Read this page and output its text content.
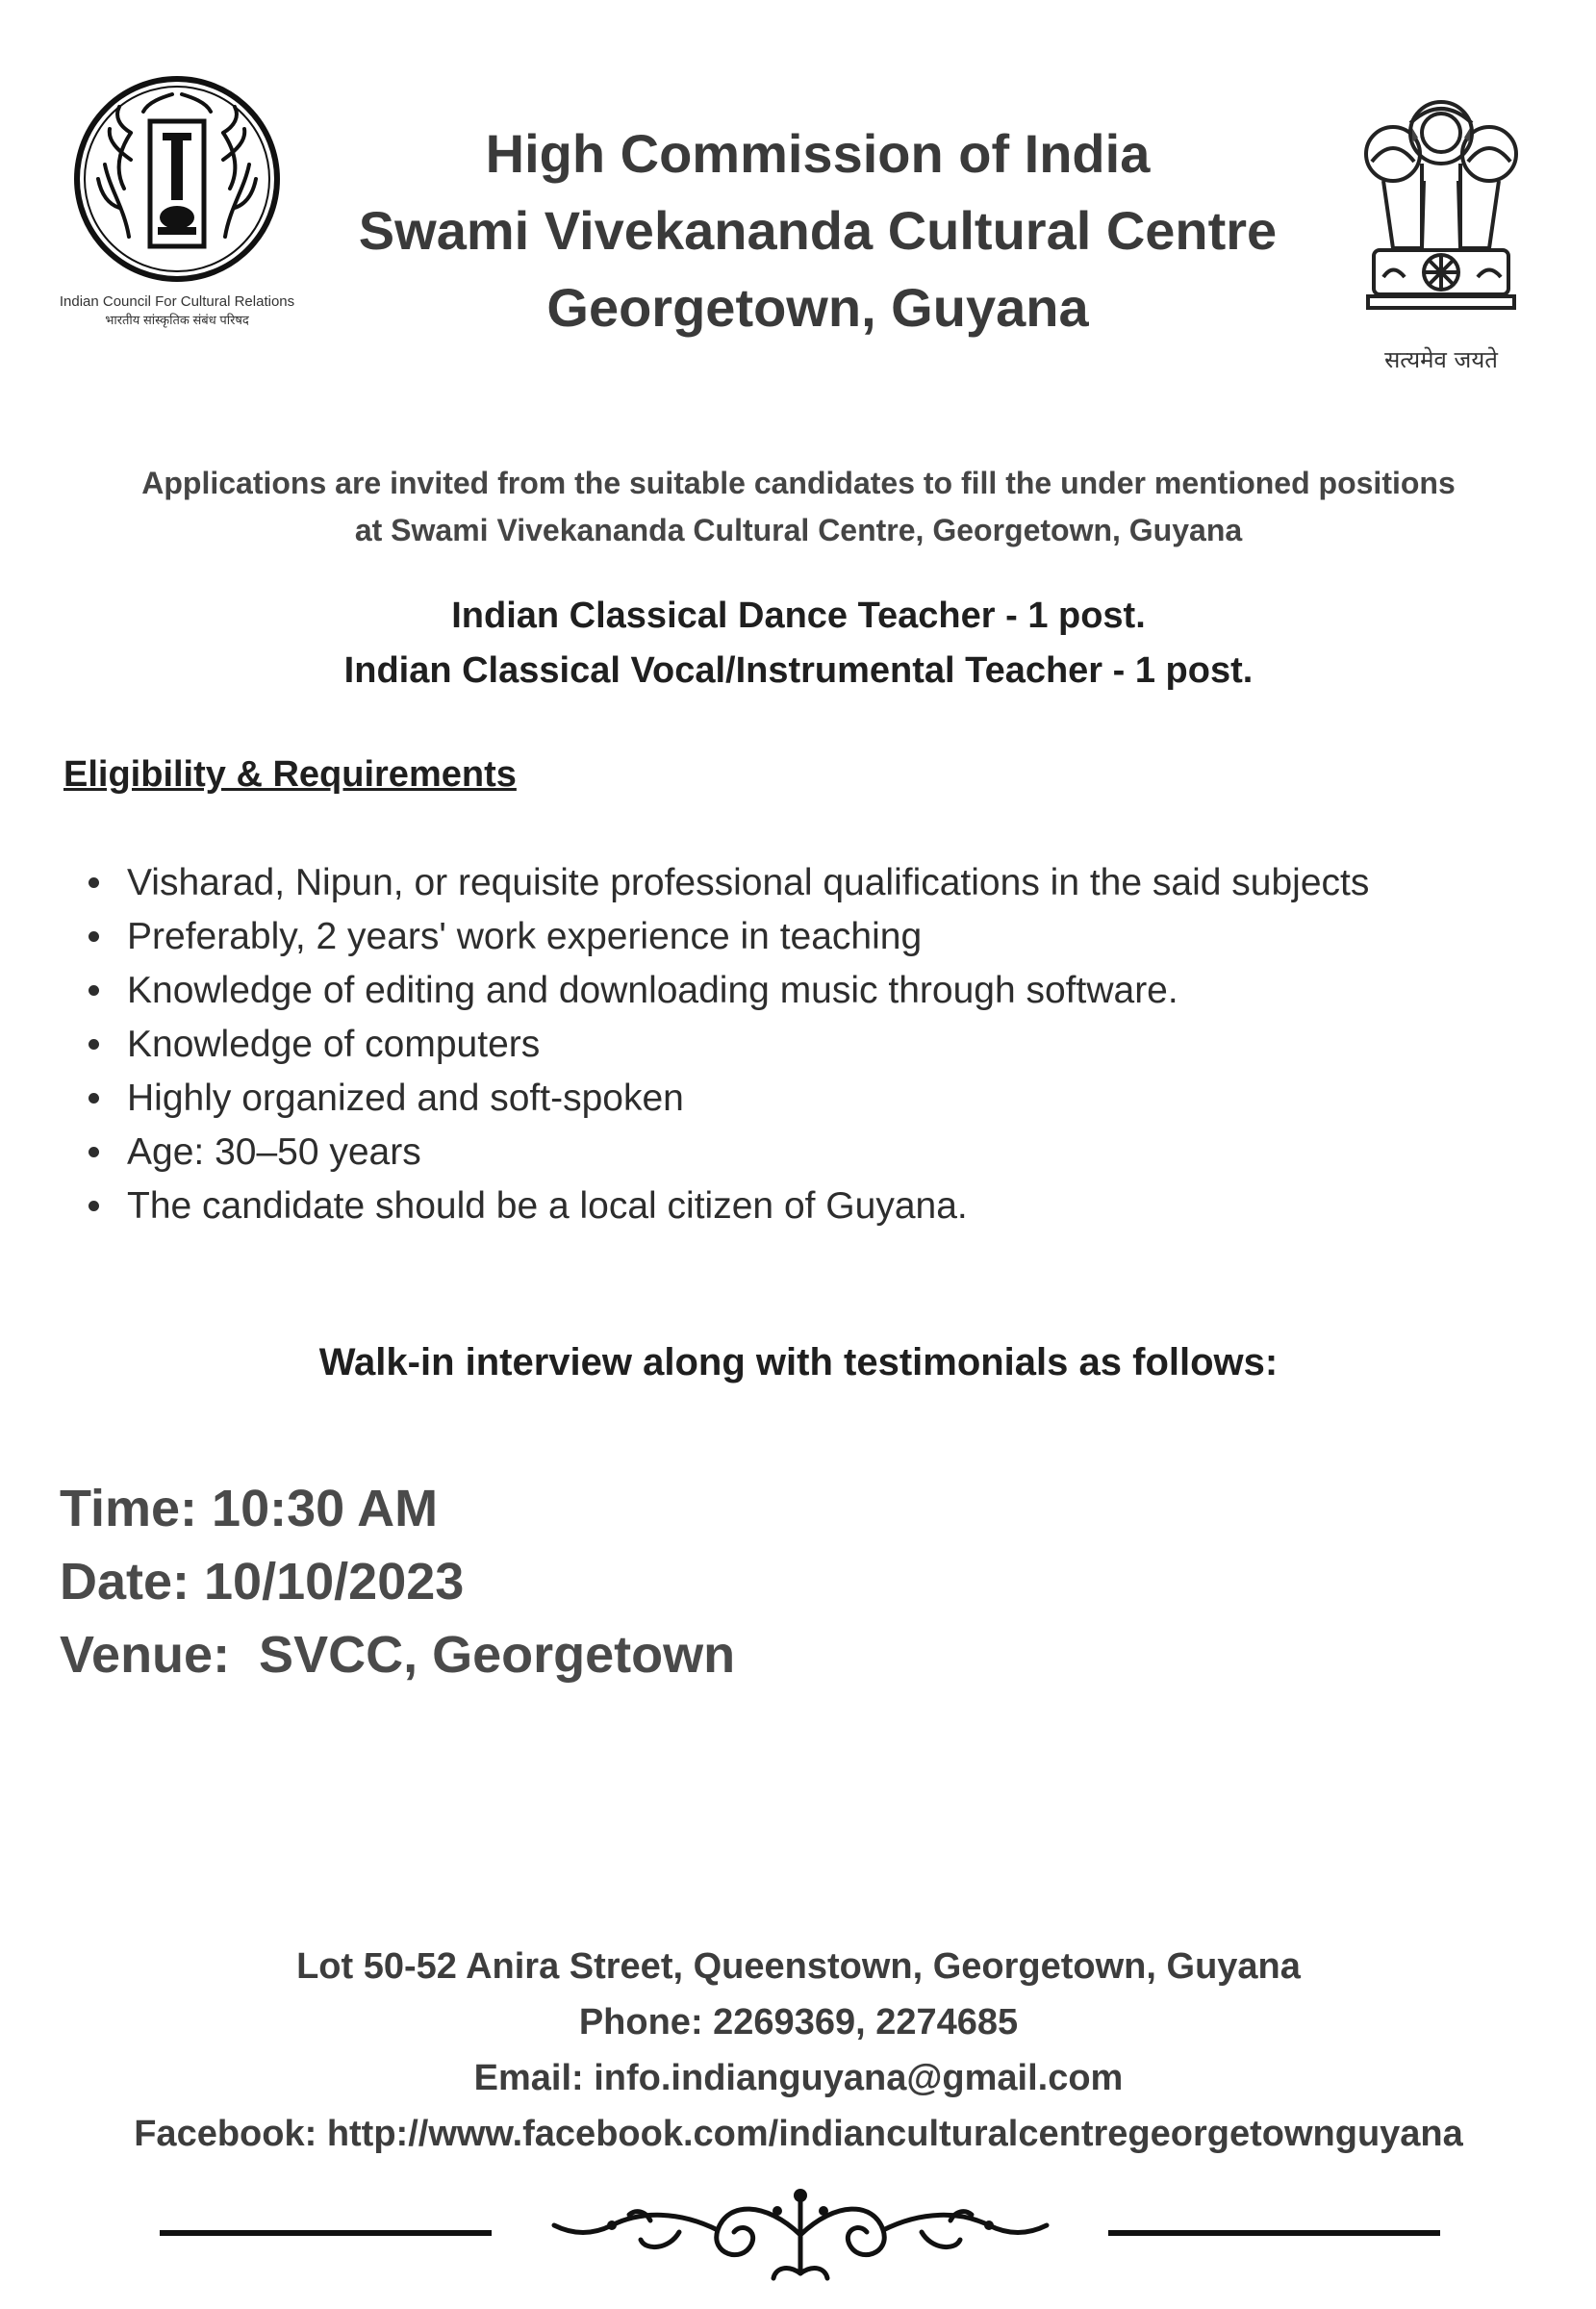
Indian Council For Cultural Relations
भारतीय सांस्कृतिक संबंध परिषद
High Commission of India
Swami Vivekananda Cultural Centre
Georgetown, Guyana
सत्यमेव जयते
Applications are invited from the suitable candidates to fill the under mentioned positions
at Swami Vivekananda Cultural Centre, Georgetown, Guyana
Indian Classical Dance Teacher - 1 post.
Indian Classical Vocal/Instrumental Teacher - 1 post.
Eligibility & Requirements
Visharad, Nipun, or requisite professional qualifications in the said subjects
Preferably, 2 years' work experience in teaching
Knowledge of editing and downloading music through software.
Knowledge of computers
Highly organized and soft-spoken
Age: 30–50 years
The candidate should be a local citizen of Guyana.
Walk-in interview along with testimonials as follows:
Time: 10:30 AM
Date: 10/10/2023
Venue:  SVCC, Georgetown
Lot 50-52 Anira Street, Queenstown, Georgetown, Guyana
Phone: 2269369, 2274685
Email: info.indianguyana@gmail.com
Facebook: http://www.facebook.com/indianculturalcentregeorgetownguyana
